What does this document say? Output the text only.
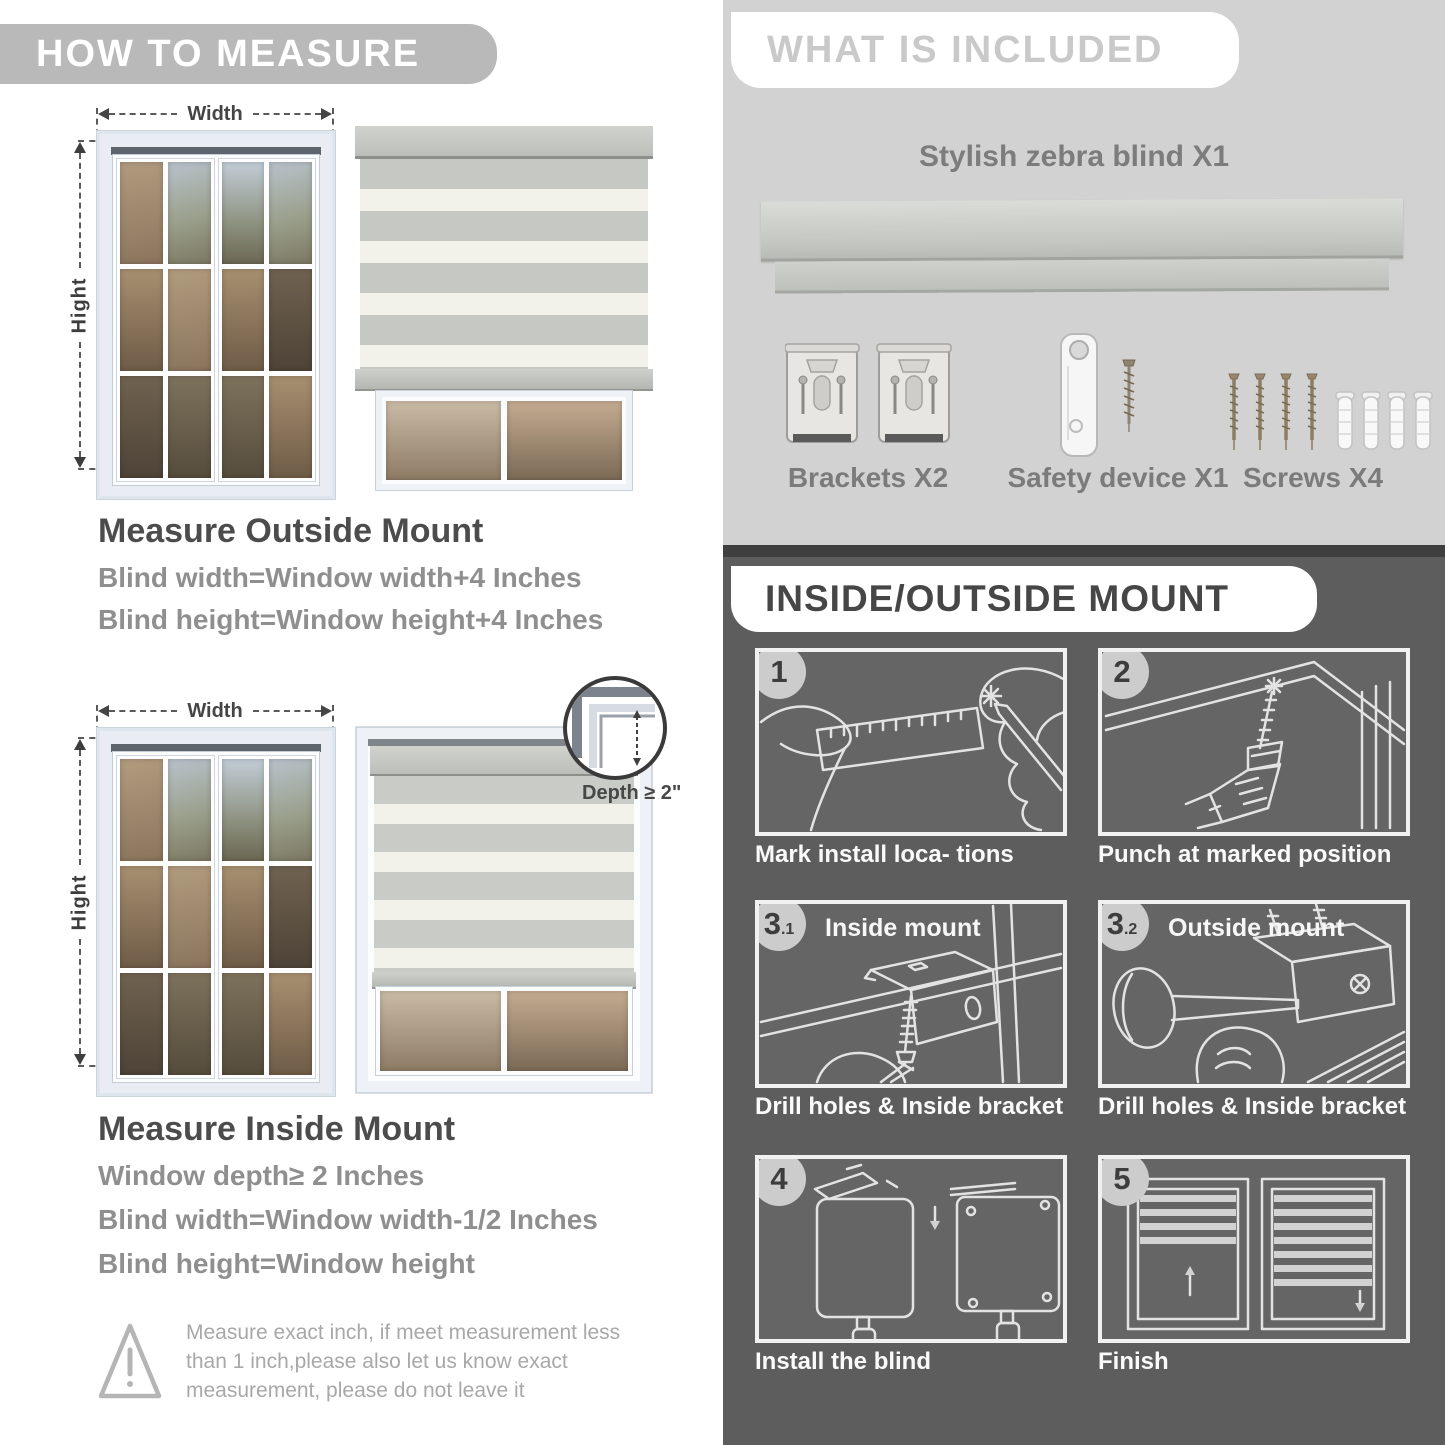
HOW TO MEASURE
Width
Hight
Measure Outside Mount
Blind width=Window width+4 Inches
Blind height=Window height+4 Inches
Width
Hight
Depth ≥ 2"
Measure Inside Mount
Window depth≥ 2 Inches
Blind width=Window width-1/2 Inches
Blind height=Window height
Measure exact inch, if meet measurement less than 1 inch,please also let us know exact measurement, please do not leave it
WHAT IS INCLUDED
Stylish zebra blind X1
Brackets X2	Safety device X1 Screws X4
INSIDE/OUTSIDE MOUNT
1
Mark install loca- tions
2
Punch at marked position
3 .1 Inside mount
Drill holes & Inside bracket
3 .2 Outside mount
Drill holes & Inside bracket
4
Install the blind
5
Finish
